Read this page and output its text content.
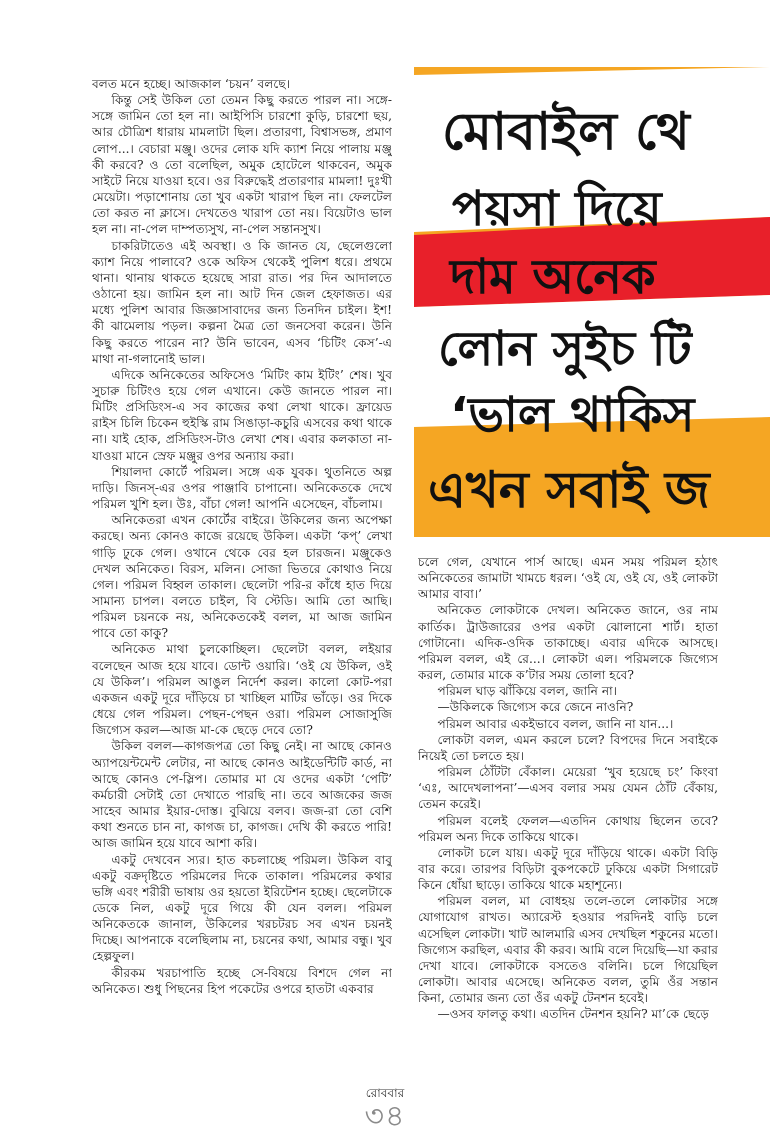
বলত মনে হচ্ছে। আজকাল ‘চয়ন’ বলছে।

কিন্তু সেই উকিল তো তেমন কিছু করতে পারল না। সঙ্গে-সঙ্গে জামিন তো হল না। আইপিসি চারশো কুড়ি, চারশো ছয়, আর চৌত্রিশ ধারায় মামলাটা ছিল। প্রতারণা, বিশ্বাসভঙ্গ, প্রমাণ লোপ...। বেচারা মঞ্জু। ওদের লোক যদি ক্যাশ নিয়ে পালায় মঞ্জু কী করবে? ও তো বলেছিল, অমুক হোটেলে থাকবেন, অমুক সাইটে নিয়ে যাওয়া হবে। ওর বিরুদ্ধেই প্রতারণার মামলা! দুঃখী মেয়েটা। পড়াশোনায় তো খুব একটা খারাপ ছিল না। ফেলটেল তো করত না ক্লাসে। দেখতেও খারাপ তো নয়। বিয়েটাও ভাল হল না। না-পেল দাম্পত্যসুখ, না-পেল সন্তানসুখ।

চাকরিটাতেও এই অবস্থা। ও কি জানত যে, ছেলেগুলো ক্যাশ নিয়ে পালাবে? ওকে অফিস থেকেই পুলিশ ধরে। প্রথমে থানা। থানায় থাকতে হয়েছে সারা রাত। পর দিন আদালতে ওঠানো হয়। জামিন হল না। আট দিন জেল হেফাজত। এর মধ্যে পুলিশ আবার জিজ্ঞাসাবাদের জন্য তিনদিন চাইল। ইশ! কী ঝামেলায় পড়ল। কল্পনা মৈত্র তো জনসেবা করেন। উনি কিছু করতে পারেন না? উনি ভাবেন, এসব ‘চিটিং কেস’-এ মাথা না-গলানোই ভাল।

এদিকে অনিকেতের অফিসেও ‘মিটিং কাম ইটিং’ শেষ। খুব সুচারু চিটিংও হয়ে গেল এখানে। কেউ জানতে পারল না। মিটিং প্রসিডিংস-এ সব কাজের কথা লেখা থাকে। ফ্রায়েড রাইস চিলি চিকেন হুইস্কি রাম সিঙাড়া-কচুরি এসবের কথা থাকে না। যাই হোক, প্রসিডিংস-টাও লেখা শেষ। এবার কলকাতা না-যাওয়া মানে স্রেফ মঞ্জুর ওপর অন্যায় করা।

শিয়ালদা কোর্টে পরিমল। সঙ্গে এক যুবক। থুতনিতে অল্প দাড়ি। জিনস্-এর ওপর পাঞ্জাবি চাপানো। অনিকেতকে দেখে পরিমল খুশি হল। উঃ, বাঁচা গেল! আপনি এসেছেন, বাঁচলাম।

অনিকেতরা এখন কোর্টের বাইরে। উকিলের জন্য অপেক্ষা করছে। অন্য কোনও কাজে রয়েছে উকিল। একটা ‘কপ্’ লেখা গাড়ি ঢুকে গেল। ওখানে থেকে বের হল চারজন। মঞ্জুকেও দেখল অনিকেত। বিরস, মলিন। সোজা ভিতরে কোথাও নিয়ে গেল। পরিমল বিহ্বল তাকাল। ছেলেটা পরি-র কাঁধে হাত দিয়ে সামান্য চাপল। বলতে চাইল, বি স্টেডি। আমি তো আছি। পরিমল চয়নকে নয়, অনিকেতকেই বলল, মা আজ জামিন পাবে তো কাকু?

অনিকেত মাথা চুলকোচ্ছিল। ছেলেটা বলল, লইয়ার বলেছেন আজ হয়ে যাবে। ডোন্ট ওয়ারি। ‘ওই যে উকিল, ওই যে উকিল’। পরিমল আঙুল নির্দেশ করল। কালো কোট-পরা একজন একটু দূরে দাঁড়িয়ে চা খাচ্ছিল মাটির ভাঁড়ে। ওর দিকে ধেয়ে গেল পরিমল। পেছন-পেছন ওরা। পরিমল সোজাসুজি জিগ্যেস করল—আজ মা-কে ছেড়ে দেবে তো?

উকিল বলল—কাগজপত্র তো কিছু নেই। না আছে কোনও অ্যাপয়েন্টমেন্ট লেটার, না আছে কোনও আইডেন্টিটি কার্ড, না আছে কোনও পে-স্লিপ। তোমার মা যে ওদের একটা ‘পেটি’ কর্মচারী সেটাই তো দেখাতে পারছি না। তবে আজকের জজ সাহেব আমার ইয়ার-দোস্ত। বুঝিয়ে বলব। জজ-রা তো বেশি কথা শুনতে চান না, কাগজ চা, কাগজ। দেখি কী করতে পারি! আজ জামিন হয়ে যাবে আশা করি।

একটু দেখবেন স্যর। হাত কচলাচ্ছে পরিমল। উকিল বাবু একটু বক্রদৃষ্টিতে পরিমলের দিকে তাকাল। পরিমলের কথার ভঙ্গি এবং শরীরী ভাষায় ওর হয়তো ইরিটেশন হচ্ছে। ছেলেটাকে ডেকে নিল, একটু দূরে গিয়ে কী যেন বলল। পরিমল অনিকেতকে জানাল, উকিলের খরচটরচ সব এখন চয়নই দিচ্ছে। আপনাকে বলেছিলাম না, চয়নের কথা, আমার বন্ধু। খুব হেল্পফুল।

কীরকম খরচাপাতি হচ্ছে সে-বিষয়ে বিশদে গেল না অনিকেত। শুধু পিছনের হিপ পকেটের ওপরে হাতটা একবার

মোবাইল থে
পয়সা দিয়ে
দাম অনেক
লোন সুইচ টি
‘ভাল থাকিস
এখন সবাই জ

চলে গেল, যেখানে পার্স আছে। এমন সময় পরিমল হঠাৎ অনিকেতের জামাটা খামচে ধরল। ‘ওই যে, ওই যে, ওই লোকটা আমার বাবা।’

অনিকেত লোকটাকে দেখল। অনিকেত জানে, ওর নাম কার্তিক। ট্রাউজারের ওপর একটা ঝোলানো শার্ট। হাতা গোটানো। এদিক-ওদিক তাকাচ্ছে। এবার এদিকে আসছে। পরিমল বলল, এই রে...। লোকটা এল। পরিমলকে জিগ্যেস করল, তোমার মাকে ক’টার সময় তোলা হবে?

পরিমল ঘাড় ঝাঁকিয়ে বলল, জানি না।

—উকিলকে জিগ্যেস করে জেনে নাওনি?

পরিমল আবার একইভাবে বলল, জানি না যান...।

লোকটা বলল, এমন করলে চলে? বিপদের দিনে সবাইকে নিয়েই তো চলতে হয়।

পরিমল ঠোঁটটা বেঁকাল। মেয়েরা ‘খুব হয়েছে চং’ কিংবা ‘এঃ, আদেখলাপনা’—এসব বলার সময় যেমন ঠোঁট বেঁকায়, তেমন করেই।

পরিমল বলেই ফেলল—এতদিন কোথায় ছিলেন তবে? পরিমল অন্য দিকে তাকিয়ে থাকে।

লোকটা চলে যায়। একটু দূরে দাঁড়িয়ে থাকে। একটা বিড়ি বার করে। তারপর বিড়িটা বুকপকেটে ঢুকিয়ে একটা সিগারেট কিনে ধোঁয়া ছাড়ে। তাকিয়ে থাকে মহাশূন্যে।

পরিমল বলল, মা বোধহয় তলে-তলে লোকটার সঙ্গে যোগাযোগ রাখত। অ্যারেস্ট হওয়ার পরদিনই বাড়ি চলে এসেছিল লোকটা। খাট আলমারি এসব দেখছিল শকুনের মতো। জিগ্যেস করছিল, এবার কী করব। আমি বলে দিয়েছি—যা করার দেখা যাবে। লোকটাকে বসতেও বলিনি। চলে গিয়েছিল লোকটা। আবার এসেছে। অনিকেত বলল, তুমি ওঁর সন্তান কিনা, তোমার জন্য তো ওঁর একটু টেনশন হবেই।

—ওসব ফালতু কথা। এতদিন টেনশন হয়নি? মা’কে ছেড়ে

রোববার
৩৪
